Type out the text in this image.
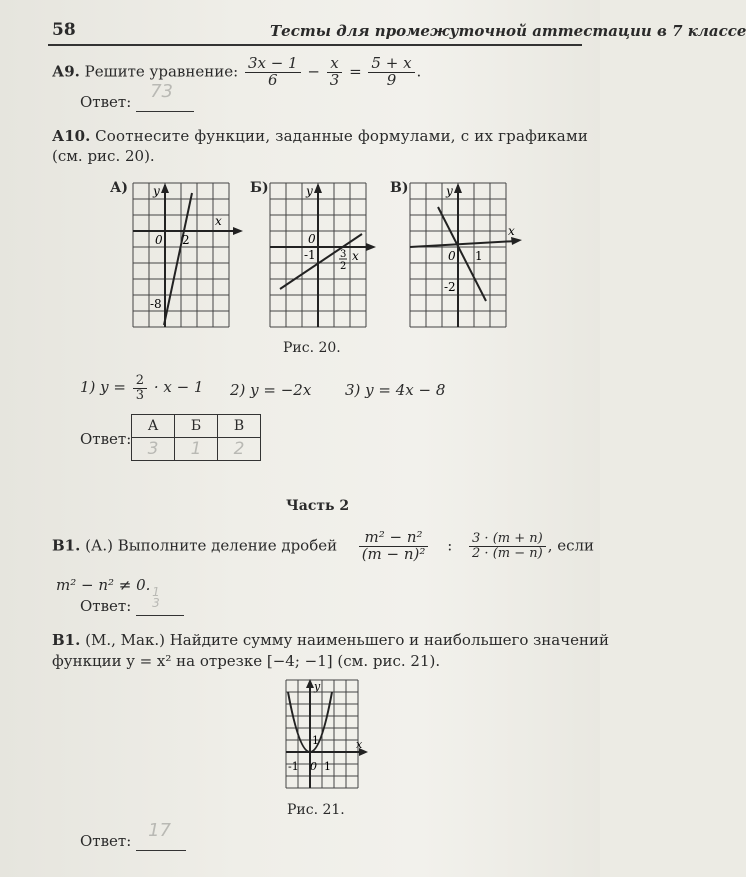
58	Тесты для промежуточной аттестации в 7 классе
А9. Решите уравнение: $\frac{3x - 1}{6} - \frac{x}{3} = \frac{5 + x}{9}$ .
Ответ: 73

А10. Соотнесите функции, заданные формулами, с их графиками
(см. рис. 20).
А)	Б)	В)
y
x
0 2
-8
y
x
0
-1 3
2
y
x
0 1
-2
Рис. 20.
1) $y = \frac{2}{3} \cdot x - 1$ 2) y = −2x 3) y = 4x − 8
Ответ:
А	Б	В
3	1	2
Часть 2
В1. (А.) Выполните деление дробей $\frac{\text{m² − n²}}{\text{(m − n)²}}$ : $\frac{3 \cdot (m + n)}{2 \cdot (m - n)}$ , если
m² − n² ≠ 0.
Ответ:
1
3

В1. (М., Мак.) Найдите сумму наименьшего и наибольшего значений
функции y = x² на отрезке [−4; −1] (см. рис. 21).
y
x
1
-1 0 1
Рис. 21.
Ответ: 17
